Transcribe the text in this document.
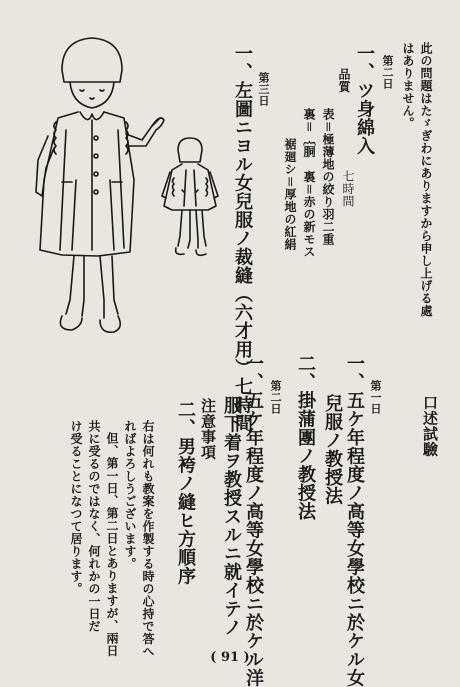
此の問題はたゞぎわにありますから申し上げる處
はありません。
第二日
一、ツ身綿入
品質
七時間
表＝極薄地の絞り羽二重
裏＝｛胴　裏＝赤の新モス
裾廻シ＝厚地の紅絹
第三日
一、左圖ニヨル女兒服ノ裁縫（六才用）七時間	口述試驗
第一日
一、五ケ年程度ノ高等女學校ニ於ケル女
兒服ノ教授法
二、掛蒲團ノ教授法
第二日
一、五ケ年程度ノ高等女學校ニ於ケル洋
服下着ヲ教授スルニ就イテノ
注意事項
二、男袴ノ縫ヒ方順序
右は何れも教案を作製する時の心持で答へ
ればよろしうございます。
但、第一日、第二日とありますが、兩日
共に受るのではなく、何れかの一日だ
け受ることになつて居ります。
( 91 )
